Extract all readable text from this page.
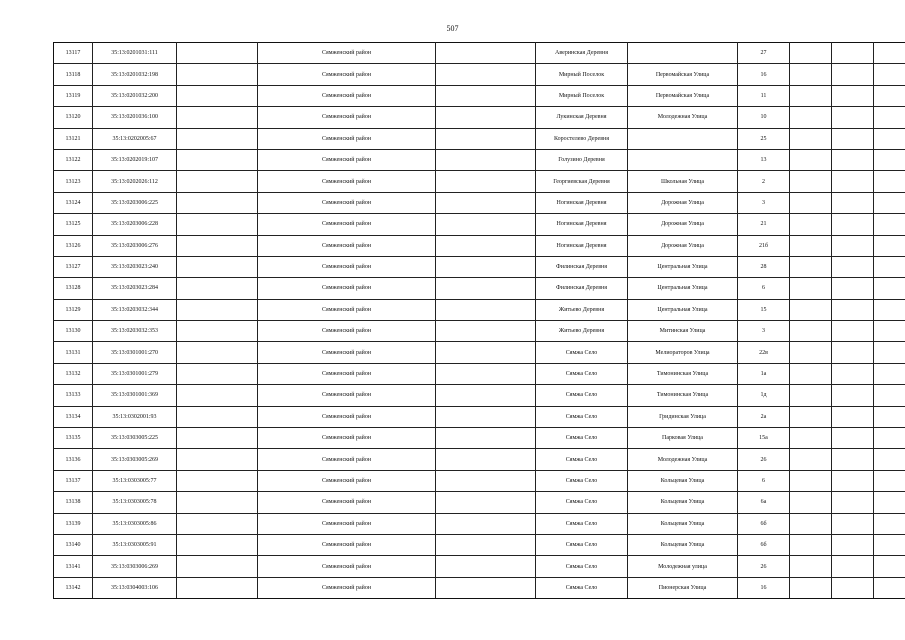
507
13117	35:13:0201031:111		Сямженский район		Аверинская Деревня		27			
13118	35:13:0201032:198		Сямженский район		Мирный Поселок	Первомайская Улица	16			
13119	35:13:0201032:200		Сямженский район		Мирный Поселок	Первомайская Улица	11			
13120	35:13:0201036:100		Сямженский район		Лукинская Деревня	Молодежная Улица	10			
13121	35:13:0202005:67		Сямженский район		Коростелево Деревня		25			
13122	35:13:0202019:107		Сямженский район		Голузино Деревня		13			
13123	35:13:0202026:112		Сямженский район		Георгиевская Деревня	Школьная Улица	2			
13124	35:13:0203006:225		Сямженский район		Ногинская Деревня	Дорожная Улица	3			
13125	35:13:0203006:228		Сямженский район		Ногинская Деревня	Дорожная Улица	21			
13126	35:13:0203006:276		Сямженский район		Ногинская Деревня	Дорожная Улица	21б			
13127	35:13:0203023:240		Сямженский район		Филинская Деревня	Центральная Улица	28			
13128	35:13:0203023:284		Сямженский район		Филинская Деревня	Центральная Улица	6			
13129	35:13:0203032:344		Сямженский район		Житьево Деревня	Центральная Улица	15			
13130	35:13:0203032:353		Сямженский район		Житьево Деревня	Митинская Улица	3			
13131	35:13:0301001:270		Сямженский район		Сямжа Село	Мелиораторов Улица	22в			
13132	35:13:0301001:279		Сямженский район		Сямжа Село	Тимонинская Улица	1а			
13133	35:13:0301001:369		Сямженский район		Сямжа Село	Тимонинская Улица	1д			
13134	35:13:0302001:93		Сямженский район		Сямжа Село	Гридинская Улица	2а			
13135	35:13:0303005:225		Сямженский район		Сямжа Село	Парковая Улица	15а			
13136	35:13:0303005:269		Сямженский район		Сямжа Село	Молодежная Улица	26			
13137	35:13:0303005:77		Сямженский район		Сямжа Село	Кольцевая Улица	6			
13138	35:13:0303005:78		Сямженский район		Сямжа Село	Кольцевая Улица	6а			
13139	35:13:0303005:86		Сямженский район		Сямжа Село	Кольцевая Улица	6б			
13140	35:13:0303005:91		Сямженский район		Сямжа Село	Кольцевая Улица	6б			
13141	35:13:0303006:269		Сямженский район		Сямжа Село	Молодежная улица	26			
13142	35:13:0304003:106		Сямженский район		Сямжа Село	Пионерская Улица	16			
